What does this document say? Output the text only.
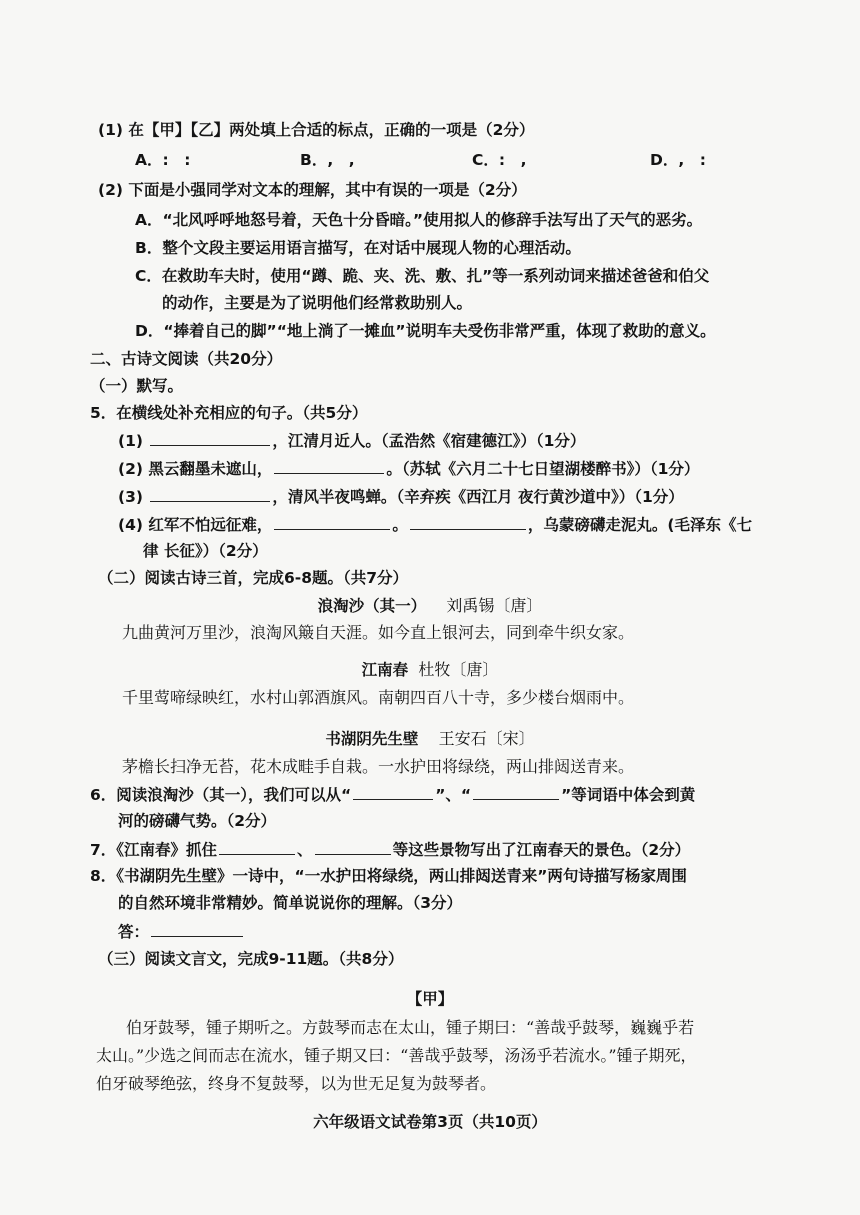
(1) 在【甲】【乙】两处填上合适的标点，正确的一项是（2分）
A．:　:	B．,　,	C．:　,	D．,　:
(2) 下面是小强同学对文本的理解，其中有误的一项是（2分）
A．“北风呼呼地怒号着，天色十分昏暗。”使用拟人的修辞手法写出了天气的恶劣。
B．整个文段主要运用语言描写，在对话中展现人物的心理活动。
C．在救助车夫时，使用“蹲、跪、夹、洗、敷、扎”等一系列动词来描述爸爸和伯父
的动作，主要是为了说明他们经常救助别人。
D．“捧着自己的脚”“地上淌了一摊血”说明车夫受伤非常严重，体现了救助的意义。
二、古诗文阅读（共20分）
（一）默写。
5．在横线处补充相应的句子。（共5分）
(1)	，江清月近人。（孟浩然《宿建德江》）（1分）
(2) 黑云翻墨未遮山，	。（苏轼《六月二十七日望湖楼醉书》）（1分）
(3)	，清风半夜鸣蝉。（辛弃疾《西江月 夜行黄沙道中》）（1分）
(4) 红军不怕远征难，	。	，乌蒙磅礴走泥丸。(毛泽东《七
律 长征》）（2分）
（二）阅读古诗三首，完成6-8题。（共7分）
浪淘沙（其一） 刘禹锡〔唐〕
九曲黄河万里沙，浪淘风簸自天涯。如今直上银河去，同到牵牛织女家。
江南春 杜牧〔唐〕
千里莺啼绿映红，水村山郭酒旗风。南朝四百八十寺，多少楼台烟雨中。
书湖阴先生壁 王安石〔宋〕
茅檐长扫净无苔，花木成畦手自栽。一水护田将绿绕，两山排闼送青来。
6．阅读浪淘沙（其一），我们可以从“	”、“	”等词语中体会到黄
河的磅礴气势。（2分）
7．《江南春》抓住	、	等这些景物写出了江南春天的景色。（2分）
8．《书湖阴先生壁》一诗中，“一水护田将绿绕，两山排闼送青来”两句诗描写杨家周围
的自然环境非常精妙。简单说说你的理解。（3分）
答：
（三）阅读文言文，完成9-11题。（共8分）
【甲】
伯牙鼓琴，锺子期听之。方鼓琴而志在太山，锺子期曰：“善哉乎鼓琴，巍巍乎若
太山。”少选之间而志在流水，锺子期又曰：“善哉乎鼓琴，汤汤乎若流水。”锺子期死，
伯牙破琴绝弦，终身不复鼓琴，以为世无足复为鼓琴者。
六年级语文试卷第3页（共10页）
